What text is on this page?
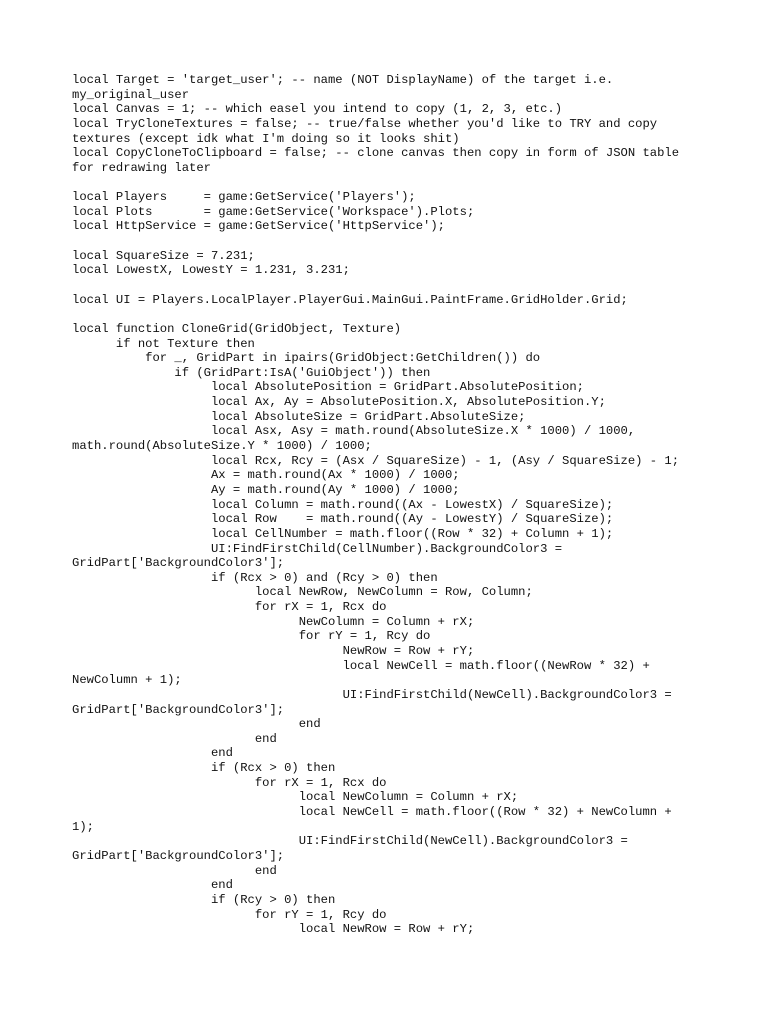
local Target = 'target_user'; -- name (NOT DisplayName) of the target i.e.
my_original_user
local Canvas = 1; -- which easel you intend to copy (1, 2, 3, etc.)
local TryCloneTextures = false; -- true/false whether you'd like to TRY and copy
textures (except idk what I'm doing so it looks shit)
local CopyCloneToClipboard = false; -- clone canvas then copy in form of JSON table
for redrawing later
local Players     = game:GetService('Players');
local Plots       = game:GetService('Workspace').Plots;
local HttpService = game:GetService('HttpService');
local SquareSize = 7.231;
local LowestX, LowestY = 1.231, 3.231;
local UI = Players.LocalPlayer.PlayerGui.MainGui.PaintFrame.GridHolder.Grid;
local function CloneGrid(GridObject, Texture)
if not Texture then
for _, GridPart in ipairs(GridObject:GetChildren()) do
if (GridPart:IsA('GuiObject')) then
local AbsolutePosition = GridPart.AbsolutePosition;
local Ax, Ay = AbsolutePosition.X, AbsolutePosition.Y;
local AbsoluteSize = GridPart.AbsoluteSize;
local Asx, Asy = math.round(AbsoluteSize.X * 1000) / 1000,
math.round(AbsoluteSize.Y * 1000) / 1000;
local Rcx, Rcy = (Asx / SquareSize) - 1, (Asy / SquareSize) - 1;
Ax = math.round(Ax * 1000) / 1000;
Ay = math.round(Ay * 1000) / 1000;
local Column = math.round((Ax - LowestX) / SquareSize);
local Row    = math.round((Ay - LowestY) / SquareSize);
local CellNumber = math.floor((Row * 32) + Column + 1);
UI:FindFirstChild(CellNumber).BackgroundColor3 =
GridPart['BackgroundColor3'];
if (Rcx > 0) and (Rcy > 0) then
local NewRow, NewColumn = Row, Column;
for rX = 1, Rcx do
NewColumn = Column + rX;
for rY = 1, Rcy do
NewRow = Row + rY;
local NewCell = math.floor((NewRow * 32) +
NewColumn + 1);
UI:FindFirstChild(NewCell).BackgroundColor3 =
GridPart['BackgroundColor3'];
end
end
end
if (Rcx > 0) then
for rX = 1, Rcx do
local NewColumn = Column + rX;
local NewCell = math.floor((Row * 32) + NewColumn +
1);
UI:FindFirstChild(NewCell).BackgroundColor3 =
GridPart['BackgroundColor3'];
end
end
if (Rcy > 0) then
for rY = 1, Rcy do
local NewRow = Row + rY;
